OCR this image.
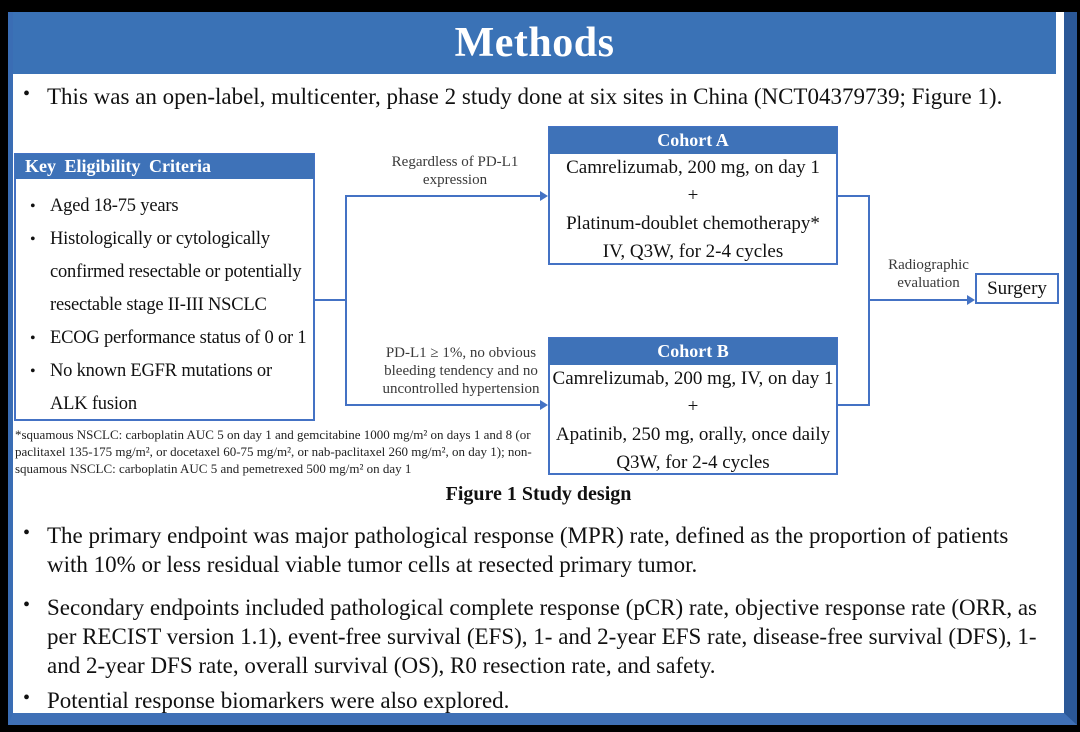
Methods
• This was an open-label, multicenter, phase 2 study done at six sites in China (NCT04379739; Figure 1).
Key Eligibility Criteria
• Aged 18-75 years
• Histologically or cytologically confirmed resectable or potentially resectable stage II-III NSCLC
• ECOG performance status of 0 or 1
• No known EGFR mutations or ALK fusion
Regardless of PD-L1 expression
PD-L1 ≥ 1%, no obvious bleeding tendency and no uncontrolled hypertension
Cohort A
Camrelizumab, 200 mg, on day 1
+
Platinum-doublet chemotherapy*
IV, Q3W, for 2-4 cycles
Cohort B
Camrelizumab, 200 mg, IV, on day 1
+
Apatinib, 250 mg, orally, once daily
Q3W, for 2-4 cycles
Radiographic evaluation	Surgery
*squamous NSCLC: carboplatin AUC 5 on day 1 and gemcitabine 1000 mg/m² on days 1 and 8 (or paclitaxel 135-175 mg/m², or docetaxel 60-75 mg/m², or nab-paclitaxel 260 mg/m², on day 1); non-squamous NSCLC: carboplatin AUC 5 and pemetrexed 500 mg/m² on day 1
Figure 1 Study design
• The primary endpoint was major pathological response (MPR) rate, defined as the proportion of patients with 10% or less residual viable tumor cells at resected primary tumor.
• Secondary endpoints included pathological complete response (pCR) rate, objective response rate (ORR, as per RECIST version 1.1), event-free survival (EFS), 1- and 2-year EFS rate, disease-free survival (DFS), 1- and 2-year DFS rate, overall survival (OS), R0 resection rate, and safety.
• Potential response biomarkers were also explored.
